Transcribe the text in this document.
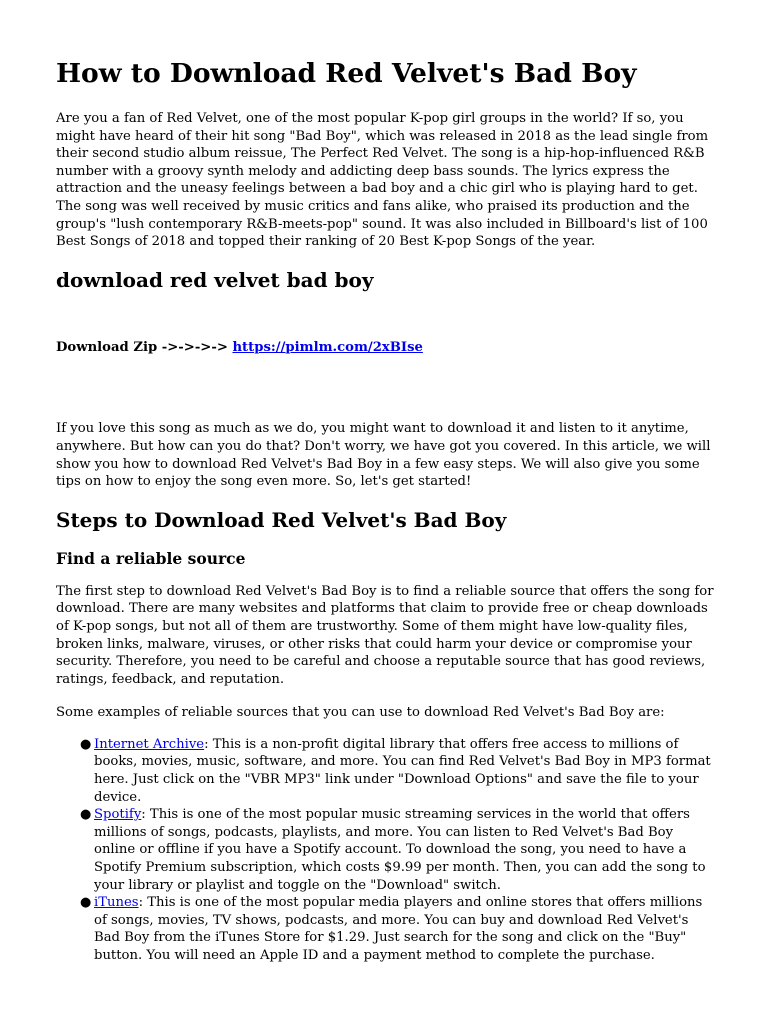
How to Download Red Velvet's Bad Boy

Are you a fan of Red Velvet, one of the most popular K-pop girl groups in the world? If so, you might have heard of their hit song "Bad Boy", which was released in 2018 as the lead single from their second studio album reissue, The Perfect Red Velvet. The song is a hip-hop-influenced R&B number with a groovy synth melody and addicting deep bass sounds. The lyrics express the attraction and the uneasy feelings between a bad boy and a chic girl who is playing hard to get. The song was well received by music critics and fans alike, who praised its production and the group's "lush contemporary R&B-meets-pop" sound. It was also included in Billboard's list of 100 Best Songs of 2018 and topped their ranking of 20 Best K-pop Songs of the year.

download red velvet bad boy

Download Zip ->->->-> https://pimlm.com/2xBIse

If you love this song as much as we do, you might want to download it and listen to it anytime, anywhere. But how can you do that? Don't worry, we have got you covered. In this article, we will show you how to download Red Velvet's Bad Boy in a few easy steps. We will also give you some tips on how to enjoy the song even more. So, let's get started!

Steps to Download Red Velvet's Bad Boy
Find a reliable source

The first step to download Red Velvet's Bad Boy is to find a reliable source that offers the song for download. There are many websites and platforms that claim to provide free or cheap downloads of K-pop songs, but not all of them are trustworthy. Some of them might have low-quality files, broken links, malware, viruses, or other risks that could harm your device or compromise your security. Therefore, you need to be careful and choose a reputable source that has good reviews, ratings, feedback, and reputation.

Some examples of reliable sources that you can use to download Red Velvet's Bad Boy are:

● Internet Archive: This is a non-profit digital library that offers free access to millions of books, movies, music, software, and more. You can find Red Velvet's Bad Boy in MP3 format here. Just click on the "VBR MP3" link under "Download Options" and save the file to your device.
● Spotify: This is one of the most popular music streaming services in the world that offers millions of songs, podcasts, playlists, and more. You can listen to Red Velvet's Bad Boy online or offline if you have a Spotify account. To download the song, you need to have a Spotify Premium subscription, which costs $9.99 per month. Then, you can add the song to your library or playlist and toggle on the "Download" switch.
● iTunes: This is one of the most popular media players and online stores that offers millions of songs, movies, TV shows, podcasts, and more. You can buy and download Red Velvet's Bad Boy from the iTunes Store for $1.29. Just search for the song and click on the "Buy" button. You will need an Apple ID and a payment method to complete the purchase.
